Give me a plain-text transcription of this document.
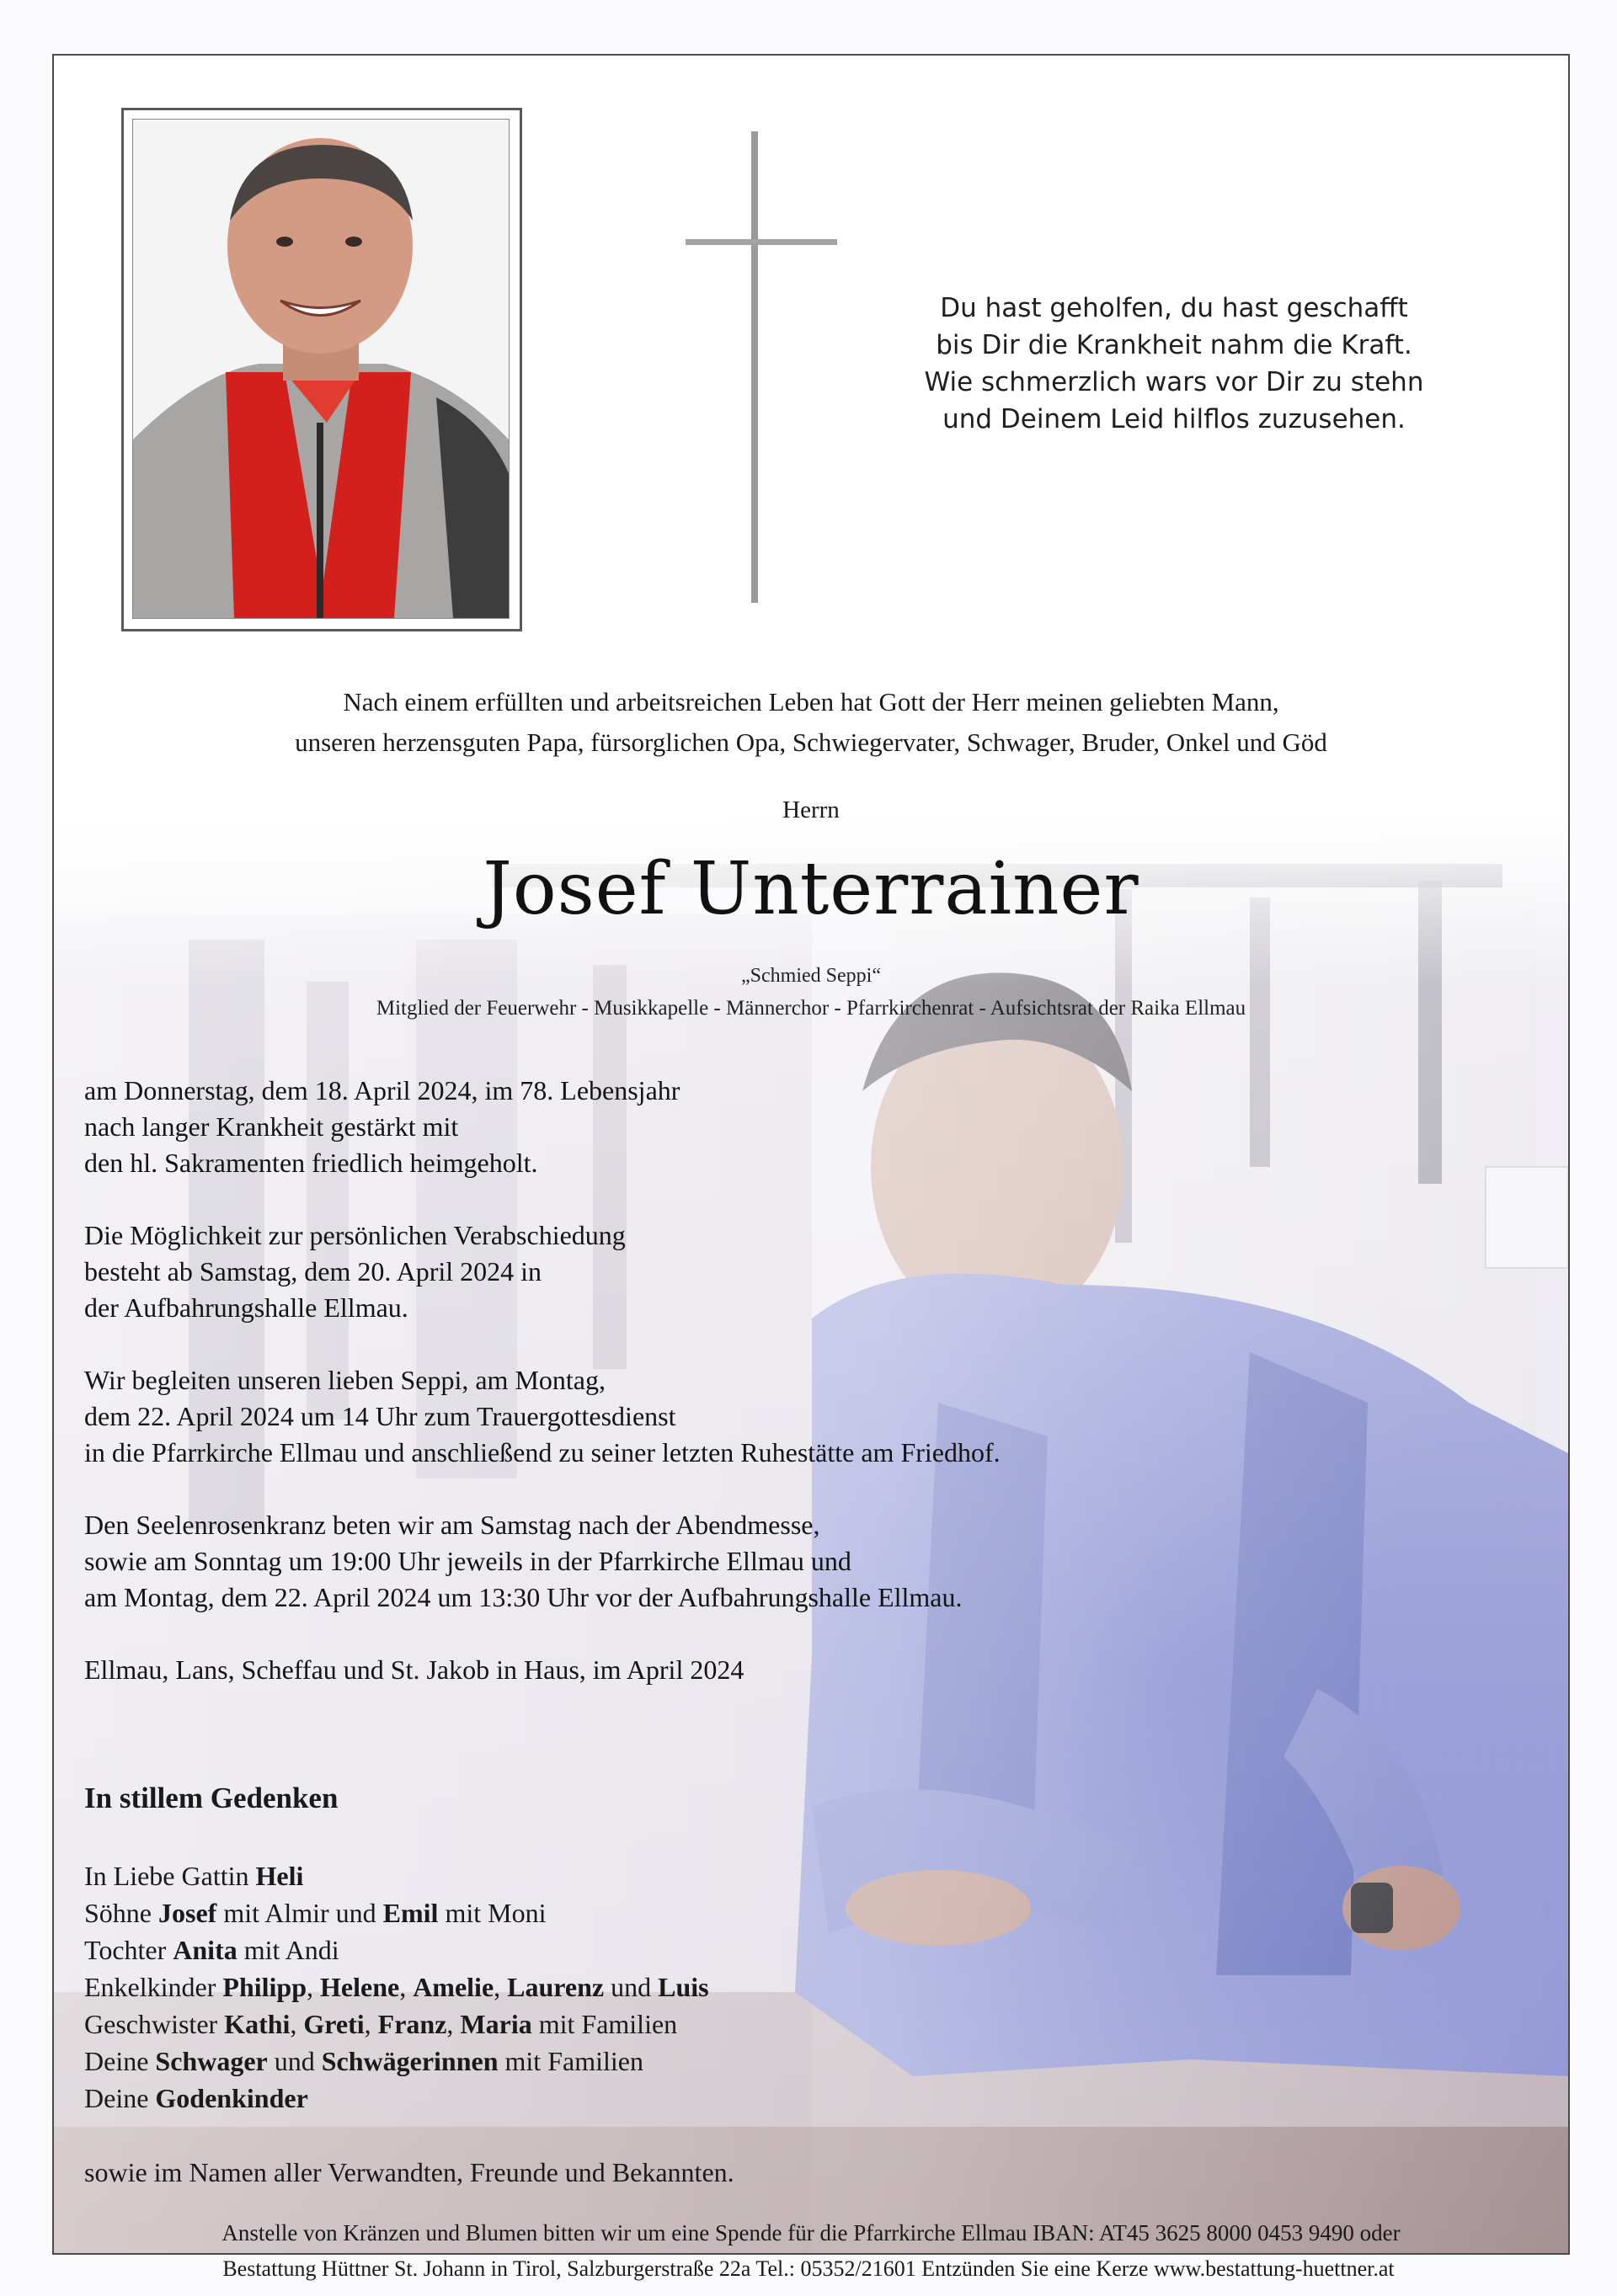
Du hast geholfen, du hast geschafft
bis Dir die Krankheit nahm die Kraft.
Wie schmerzlich wars vor Dir zu stehn
und Deinem Leid hilflos zuzusehen.
Nach einem erfüllten und arbeitsreichen Leben hat Gott der Herr meinen geliebten Mann,
unseren herzensguten Papa, fürsorglichen Opa, Schwiegervater, Schwager, Bruder, Onkel und Göd
Herrn
Josef Unterrainer
„Schmied Seppi“
Mitglied der Feuerwehr - Musikkapelle - Männerchor - Pfarrkirchenrat - Aufsichtsrat der Raika Ellmau

am Donnerstag, dem 18. April 2024, im 78. Lebensjahr
nach langer Krankheit gestärkt mit
den hl. Sakramenten friedlich heimgeholt.

Die Möglichkeit zur persönlichen Verabschiedung
besteht ab Samstag, dem 20. April 2024 in
der Aufbahrungshalle Ellmau.

Wir begleiten unseren lieben Seppi, am Montag,
dem 22. April 2024 um 14 Uhr zum Trauergottesdienst
in die Pfarrkirche Ellmau und anschließend zu seiner letzten Ruhestätte am Friedhof.

Den Seelenrosenkranz beten wir am Samstag nach der Abendmesse,
sowie am Sonntag um 19:00 Uhr jeweils in der Pfarrkirche Ellmau und
am Montag, dem 22. April 2024 um 13:30 Uhr vor der Aufbahrungshalle Ellmau.

Ellmau, Lans, Scheffau und St. Jakob in Haus, im April 2024

In stillem Gedenken
In Liebe Gattin Heli
Söhne Josef mit Almir und Emil mit Moni
Tochter Anita mit Andi
Enkelkinder Philipp, Helene, Amelie, Laurenz und Luis
Geschwister Kathi, Greti, Franz, Maria mit Familien
Deine Schwager und Schwägerinnen mit Familien
Deine Godenkinder
sowie im Namen aller Verwandten, Freunde und Bekannten.
Anstelle von Kränzen und Blumen bitten wir um eine Spende für die Pfarrkirche Ellmau IBAN: AT45 3625 8000 0453 9490 oder
Bestattung Hüttner St. Johann in Tirol, Salzburgerstraße 22a Tel.: 05352/21601 Entzünden Sie eine Kerze www.bestattung-huettner.at
